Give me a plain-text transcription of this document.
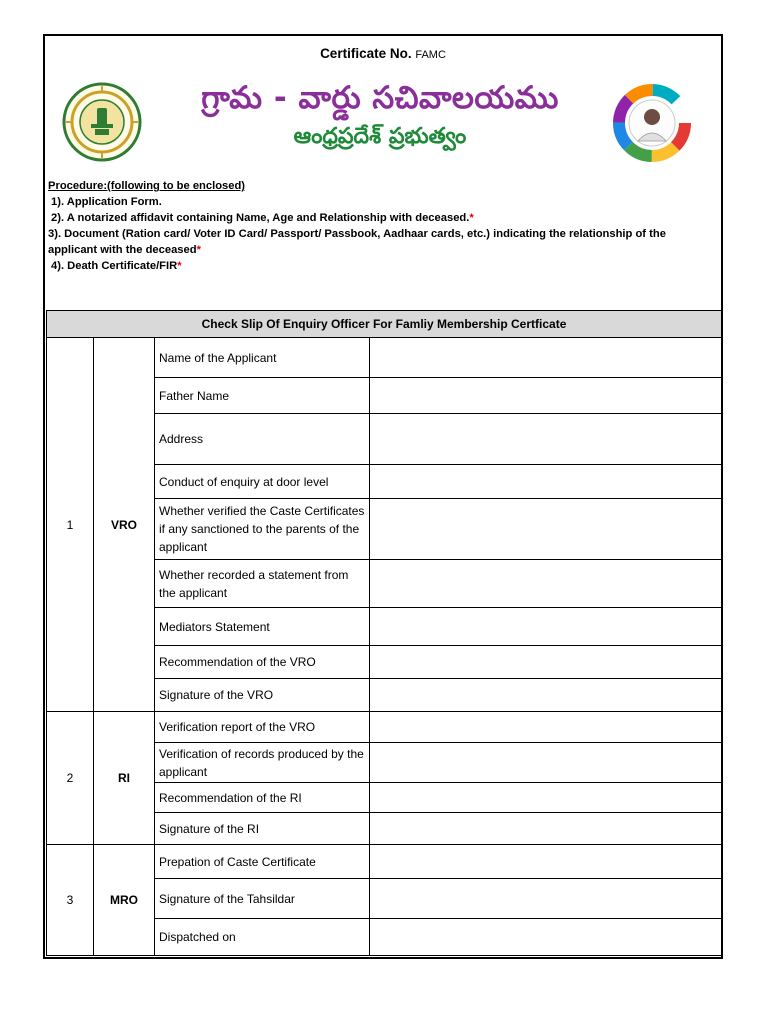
Certificate No. FAMC
గ్రామ - వార్డు సచివాలయము
ఆంధ్రప్రదేశ్ ప్రభుత్వం
Procedure:(following to be enclosed)
1). Application Form.
2). A notarized affidavit containing Name, Age and Relationship with deceased.*
3). Document (Ration card/ Voter ID Card/ Passport/ Passbook, Aadhaar cards, etc.) indicating the relationship of the applicant with the deceased*
4). Death Certificate/FIR*
Check Slip Of Enquiry Officer For Famliy Membership Certficate			
1	VRO	Name of the Applicant	
		Father Name	
		Address	
		Conduct of enquiry at door level	
		Whether verified the Caste Certificates if any sanctioned to the parents of the applicant	
		Whether recorded a statement from the applicant	
		Mediators Statement	
		Recommendation of the VRO	
		Signature of the VRO	
2	RI	Verification report of the VRO	
		Verification of records produced by the applicant	
		Recommendation of the RI	
		Signature of the RI	
3	MRO	Prepation of Caste Certificate	
		Signature of the Tahsildar	
		Dispatched on	
